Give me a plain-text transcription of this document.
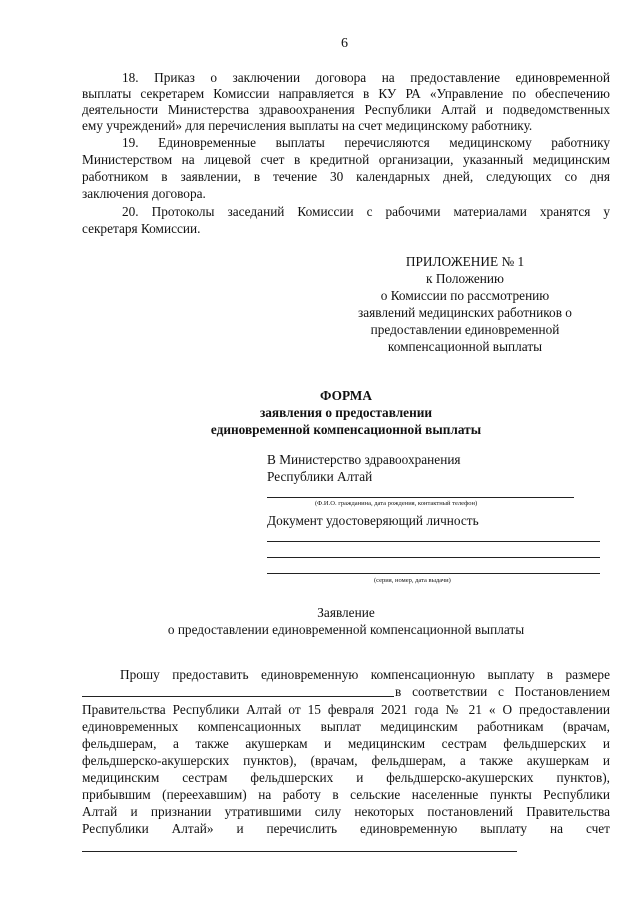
6
18. Приказ о заключении договора на предоставление единовременной
выплаты секретарем Комиссии направляется в КУ РА «Управление по обеспечению
деятельности Министерства здравоохранения Республики Алтай и подведомственных
ему учреждений» для перечисления выплаты на счет медицинскому работнику.
19. Единовременные выплаты перечисляются медицинскому работнику
Министерством на лицевой счет в кредитной организации, указанный медицинским
работником в заявлении, в течение 30 календарных дней, следующих со дня
заключения договора.
20. Протоколы заседаний Комиссии с рабочими материалами хранятся у
секретаря Комиссии.
ПРИЛОЖЕНИЕ № 1
к Положению
о Комиссии по рассмотрению
заявлений медицинских работников о
предоставлении единовременной
компенсационной выплаты
ФОРМА
заявления о предоставлении
единовременной компенсационной выплаты
В Министерство здравоохранения
Республики Алтай
(Ф.И.О. гражданина, дата рождения, контактный телефон)
Документ удостоверяющий личность
(серия, номер, дата выдачи)
Заявление
о предоставлении единовременной компенсационной выплаты
Прошу предоставить единовременную компенсационную выплату в размере
в соответствии с Постановлением
Правительства Республики Алтай от 15 февраля 2021 года № 21 « О предоставлении
единовременных компенсационных выплат медицинским работникам (врачам,
фельдшерам, а также акушеркам и медицинским сестрам фельдшерских и
фельдшерско-акушерских пунктов), (врачам, фельдшерам, а также акушеркам и
медицинским сестрам фельдшерских и фельдшерско-акушерских пунктов),
прибывшим (переехавшим) на работу в сельские населенные пункты Республики
Алтай и признании утратившими силу некоторых постановлений Правительства
Республики Алтай» и перечислить единовременную выплату на счет
